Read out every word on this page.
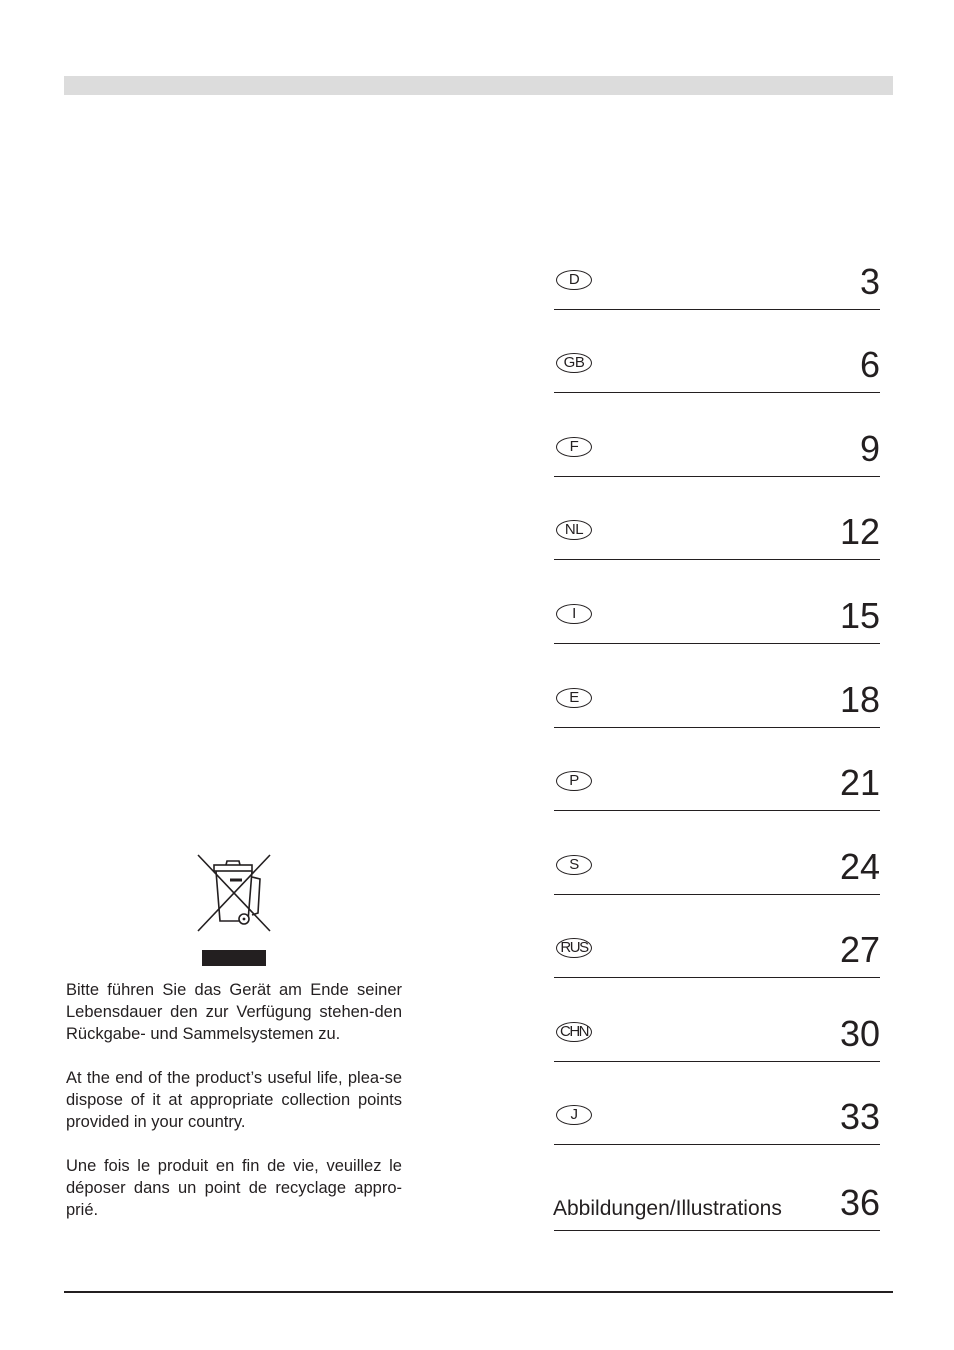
D	3
GB	6
F	9
NL	12
I	15
E	18
P	21
S	24
RUS	27
CHN	30
J	33
Abbildungen/Illustrations 36

Bitte führen Sie das Gerät am Ende seiner Lebensdauer den zur Verfügung stehen-den Rückgabe- und Sammelsystemen zu.

At the end of the product’s useful life, plea-se dispose of it at appropriate collection points provided in your country.

Une fois le produit en fin de vie, veuillez le déposer dans un point de recyclage appro-prié.
